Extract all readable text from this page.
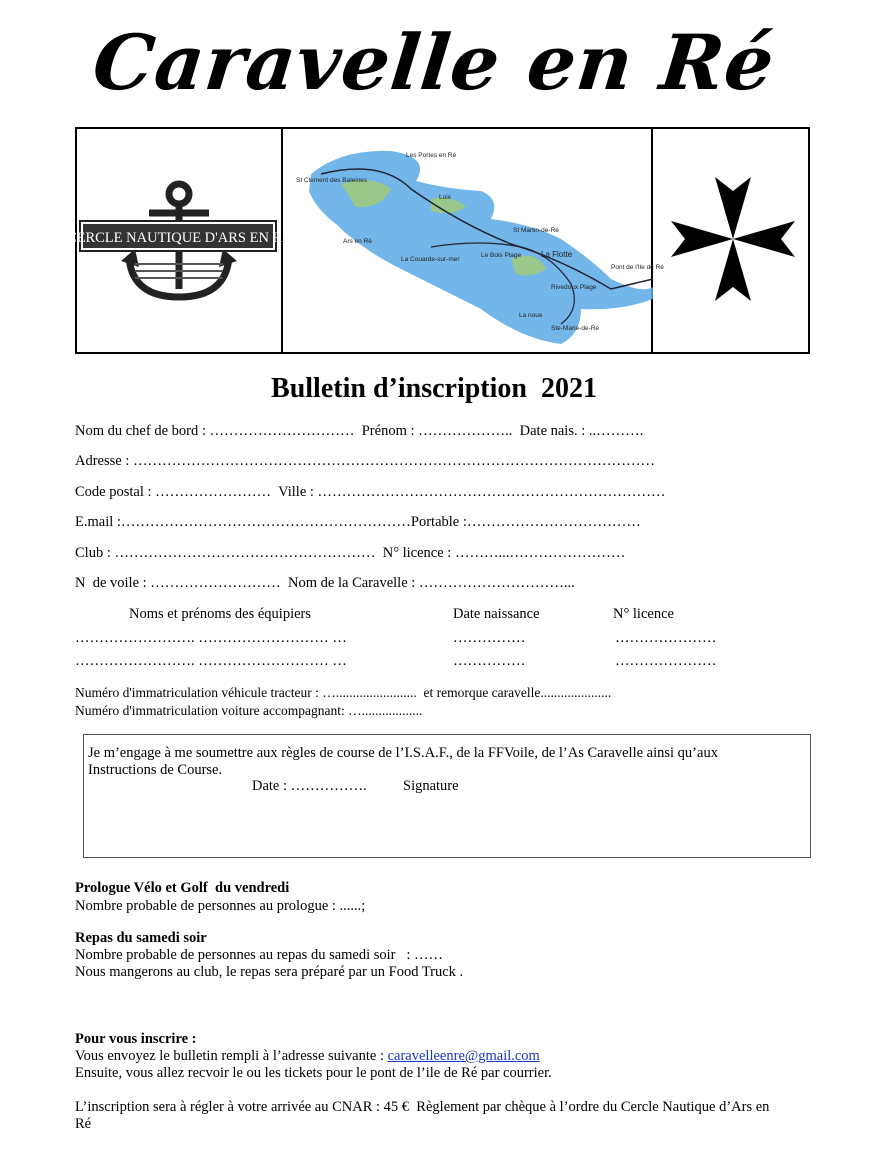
Caravelle en Ré
CERCLE NAUTIQUE D'ARS EN RE
Les Portes en Ré
St Clement des Baleines
Loix
Ars en Ré
St Martin-de-Ré
La Couarde-sur-mer
Le Bois Plage La Flotte
Rivedoux Plage
Pont de l'Ile de Ré
La noue
Ste-Marie-de-Ré
Bulletin d’inscription  2021
Nom du chef de bord : …………………………  Prénom : ………………..  Date nais. : ..……….
Adresse : ………………………………………………………………………………………………
Code postal : ……………………  Ville : ………………………………………………………………
E.mail :……………………………………………………Portable :………………………………
Club : ………………………………………………  N° licence : ………...……………………
N  de voile : ………………………  Nom de la Caravelle : …………………………...
Noms et prénoms des équipiers	Date naissance	N° licence
……………………. ……………………… …	……………	…………………
……………………. ……………………… …	……………	…………………
Numéro d'immatriculation véhicule tracteur : …........................  et remorque caravelle.....................
Numéro d'immatriculation voiture accompagnant: …..................
Je m’engage à me soumettre aux règles de course de l’I.S.A.F., de la FFVoile, de l’As Caravelle ainsi qu’aux
Instructions de Course.
Date : ……………. Signature
Prologue Vélo et Golf  du vendredi
Nombre probable de personnes au prologue : ......;
Repas du samedi soir
Nombre probable de personnes au repas du samedi soir   : ……
Nous mangerons au club, le repas sera préparé par un Food Truck .
Pour vous inscrire :
Vous envoyez le bulletin rempli à l’adresse suivante : caravelleenre@gmail.com
Ensuite, vous allez recvoir le ou les tickets pour le pont de l’ile de Ré par courrier.
L’inscription sera à régler à votre arrivée au CNAR : 45 €  Règlement par chèque à l’ordre du Cercle Nautique d’Ars en
Ré
